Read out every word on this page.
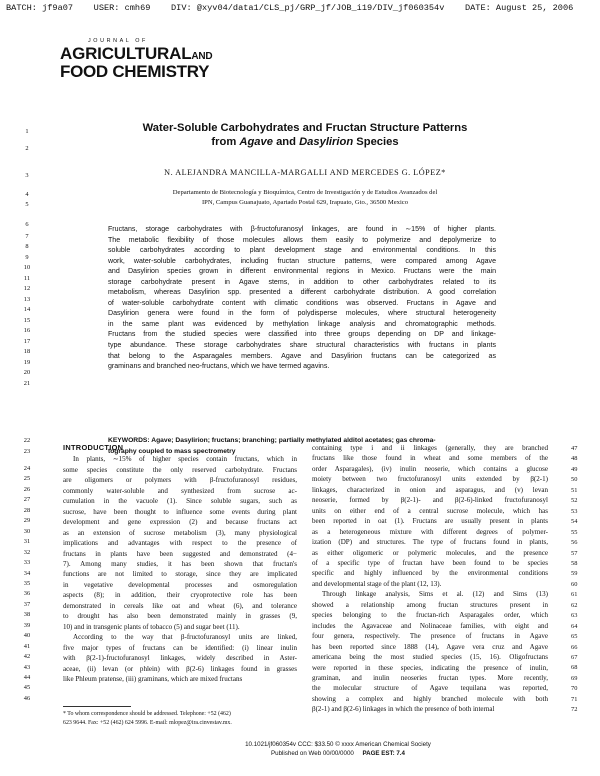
BATCH: jf9a07    USER: cmh69    DIV: @xyv04/data1/CLS_pj/GRP_jf/JOB_i19/DIV_jf060354v    DATE: August 25, 2006
JOURNAL OF
AGRICULTURALAND
FOOD CHEMISTRY
1
2
3
4
5
6
7
8
9
10
11
12
13
14
15
16
17
18
19
20
21
22
23
24
25
26
27
28
29
30
31
32
33
34
35
36
37
38
39
40
41
42
43
44
45
46
47
48
49
50
51
52
53
54
55
56
57
58
59
60
61
62
63
64
65
66
67
68
69
70
71
72
Water-Soluble Carbohydrates and Fructan Structure Patterns
from Agave and Dasylirion Species
N. ALEJANDRA MANCILLA-MARGALLI AND MERCEDES G. LÓPEZ*
Departamento de Biotecnología y Bioquímica, Centro de Investigación y de Estudios Avanzados del
IPN, Campus Guanajuato, Apartado Postal 629, Irapuato, Gto., 36500 Mexico
Fructans, storage carbohydrates with β-fructofuranosyl linkages, are found in ∼15% of higher plants.
The metabolic flexibility of those molecules allows them easily to polymerize and depolymerize to
soluble carbohydrates according to plant development stage and environmental conditions. In this
work, water-soluble carbohydrates, including fructan structure patterns, were compared among Agave
and Dasylirion species grown in different environmental regions in Mexico. Fructans were the main
storage carbohydrate present in Agave stems, in addition to other carbohydrates related to its
metabolism, whereas Dasylirion spp. presented a different carbohydrate distribution. A good correlation
of water-soluble carbohydrate content with climatic conditions was observed. Fructans in Agave and
Dasylirion genera were found in the form of polydisperse molecules, where structural heterogeneity
in the same plant was evidenced by methylation linkage analysis and chromatographic methods.
Fructans from the studied species were classified into three groups depending on DP and linkage-
type abundance. These storage carbohydrates share structural characteristics with fructans in plants
that belong to the Asparagales members. Agave and Dasylirion fructans can be categorized as
graminans and branched neo-fructans, which we have termed agavins.
KEYWORDS: Agave; Dasylirion; fructans; branching; partially methylated alditol acetates; gas chroma-
tography coupled to mass spectrometry

INTRODUCTION

In plants, ∼15% of higher species contain fructans, which in
some species constitute the only reserved carbohydrate. Fructans
are oligomers or polymers with β-fructofuranosyl residues,
commonly water-soluble and synthesized from sucrose ac-
cumulation in the vacuole (1). Since soluble sugars, such as
sucrose, have been thought to influence some events during plant
development and gene expression (2) and because fructans act
as an extension of sucrose metabolism (3), many physiological
implications and advantages with respect to the presence of
fructans in plants have been suggested and demonstrated (4−
7). Among many studies, it has been shown that fructan's
functions are not limited to storage, since they are implicated
in vegetative developmental processes and osmoregulation
aspects (8); in addition, their cryoprotective role has been
demonstrated in cereals like oat and wheat (6), and tolerance
to drought has also been demonstrated mainly in grasses (9,
10) and in transgenic plants of tobacco (5) and sugar beet (11).
According to the way that β-fructofuranosyl units are linked,
five major types of fructans can be identified: (i) linear inulin
with β(2-1)-fructofuranosyl linkages, widely described in Aster-
aceae, (ii) levan (or phlein) with β(2-6) linkages found in grasses
like Phleum pratense, (iii) graminans, which are mixed fructans
containing type i and ii linkages (generally, they are branched
fructans like those found in wheat and some members of the
order Asparagales), (iv) inulin neoserie, which contains a glucose
moiety between two fructofuranosyl units extended by β(2-1)
linkages, characterized in onion and asparagus, and (v) levan
neoserie, formed by β(2-1)- and β(2-6)-linked fructofuranosyl
units on either end of a central sucrose molecule, which has
been reported in oat (1). Fructans are usually present in plants
as a heterogeneous mixture with different degrees of polymer-
ization (DP) and structures. The type of fructans found in plants,
as either oligomeric or polymeric molecules, and the presence
of a specific type of fructan have been found to be species
specific and highly influenced by the environmental conditions
and developmental stage of the plant (12, 13).
Through linkage analysis, Sims et al. (12) and Sims (13)
showed a relationship among fructan structures present in
species belonging to the fructan-rich Asparagales order, which
includes the Agavaceae and Nolinaceae families, with eight and
four genera, respectively. The presence of fructans in Agave
has been reported since 1888 (14), Agave vera cruz and Agave
americana being the most studied species (15, 16). Oligofructans
were reported in these species, indicating the presence of inulin,
graminan, and inulin neoseries fructan types. More recently,
the molecular structure of Agave tequilana was reported,
showing a complex and highly branched molecule with both
β(2-1) and β(2-6) linkages in which the presence of both internal
* To whom correspondence should be addressed. Telephone: +52 (462)
623 9644. Fax: +52 (462) 624 5996. E-mail: mlopez@ira.cinvestav.mx.
10.1021/jf060354v CCC: $33.50 © xxxx American Chemical Society
Published on Web 00/00/0000 PAGE EST: 7.4
